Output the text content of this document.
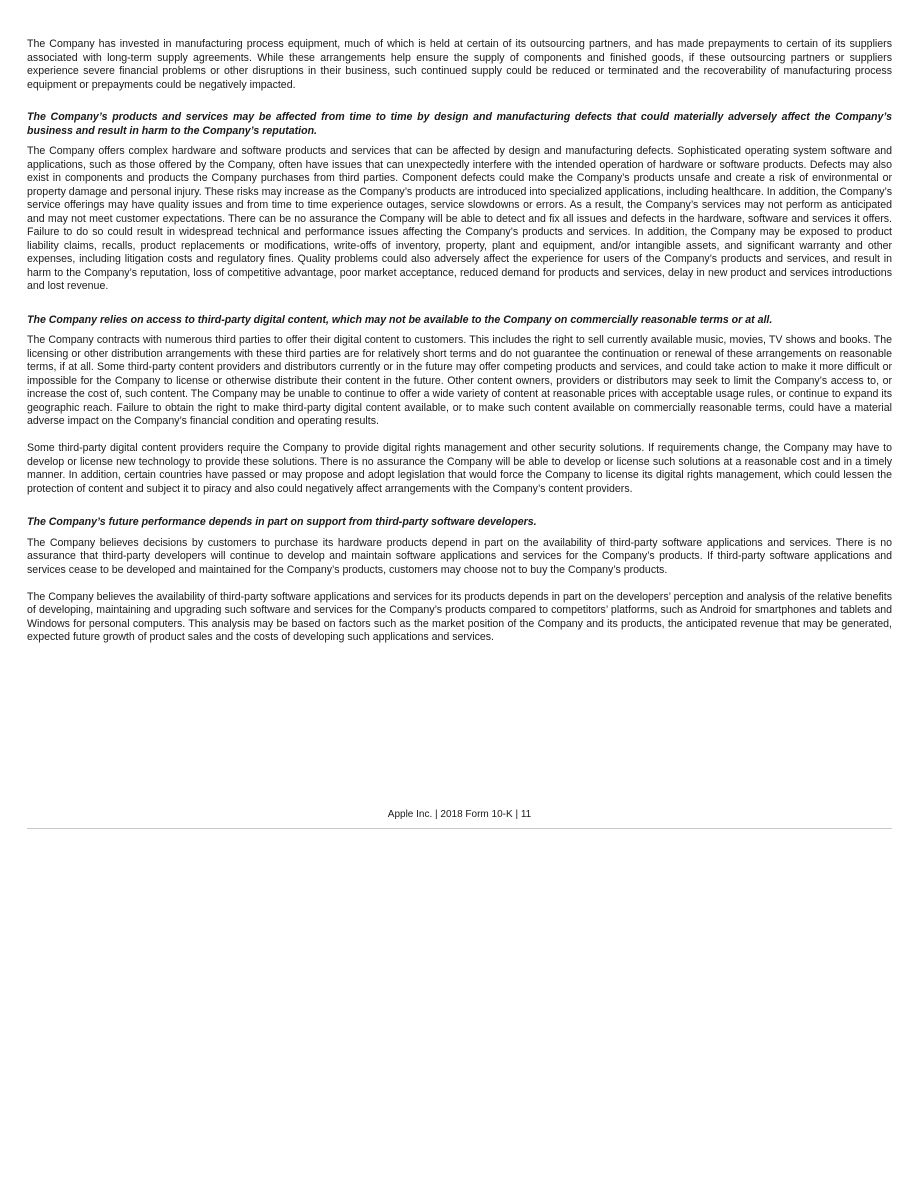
The Company has invested in manufacturing process equipment, much of which is held at certain of its outsourcing partners, and has made prepayments to certain of its suppliers associated with long-term supply agreements. While these arrangements help ensure the supply of components and finished goods, if these outsourcing partners or suppliers experience severe financial problems or other disruptions in their business, such continued supply could be reduced or terminated and the recoverability of manufacturing process equipment or prepayments could be negatively impacted.

The Company’s products and services may be affected from time to time by design and manufacturing defects that could materially adversely affect the Company’s business and result in harm to the Company’s reputation.

The Company offers complex hardware and software products and services that can be affected by design and manufacturing defects. Sophisticated operating system software and applications, such as those offered by the Company, often have issues that can unexpectedly interfere with the intended operation of hardware or software products. Defects may also exist in components and products the Company purchases from third parties. Component defects could make the Company’s products unsafe and create a risk of environmental or property damage and personal injury. These risks may increase as the Company’s products are introduced into specialized applications, including healthcare. In addition, the Company’s service offerings may have quality issues and from time to time experience outages, service slowdowns or errors. As a result, the Company’s services may not perform as anticipated and may not meet customer expectations. There can be no assurance the Company will be able to detect and fix all issues and defects in the hardware, software and services it offers. Failure to do so could result in widespread technical and performance issues affecting the Company’s products and services. In addition, the Company may be exposed to product liability claims, recalls, product replacements or modifications, write-offs of inventory, property, plant and equipment, and/or intangible assets, and significant warranty and other expenses, including litigation costs and regulatory fines. Quality problems could also adversely affect the experience for users of the Company’s products and services, and result in harm to the Company’s reputation, loss of competitive advantage, poor market acceptance, reduced demand for products and services, delay in new product and services introductions and lost revenue.

The Company relies on access to third-party digital content, which may not be available to the Company on commercially reasonable terms or at all.

The Company contracts with numerous third parties to offer their digital content to customers. This includes the right to sell currently available music, movies, TV shows and books. The licensing or other distribution arrangements with these third parties are for relatively short terms and do not guarantee the continuation or renewal of these arrangements on reasonable terms, if at all. Some third-party content providers and distributors currently or in the future may offer competing products and services, and could take action to make it more difficult or impossible for the Company to license or otherwise distribute their content in the future. Other content owners, providers or distributors may seek to limit the Company’s access to, or increase the cost of, such content. The Company may be unable to continue to offer a wide variety of content at reasonable prices with acceptable usage rules, or continue to expand its geographic reach. Failure to obtain the right to make third-party digital content available, or to make such content available on commercially reasonable terms, could have a material adverse impact on the Company’s financial condition and operating results.

Some third-party digital content providers require the Company to provide digital rights management and other security solutions. If requirements change, the Company may have to develop or license new technology to provide these solutions. There is no assurance the Company will be able to develop or license such solutions at a reasonable cost and in a timely manner. In addition, certain countries have passed or may propose and adopt legislation that would force the Company to license its digital rights management, which could lessen the protection of content and subject it to piracy and also could negatively affect arrangements with the Company’s content providers.

The Company’s future performance depends in part on support from third-party software developers.

The Company believes decisions by customers to purchase its hardware products depend in part on the availability of third-party software applications and services. There is no assurance that third-party developers will continue to develop and maintain software applications and services for the Company’s products. If third-party software applications and services cease to be developed and maintained for the Company’s products, customers may choose not to buy the Company’s products.

The Company believes the availability of third-party software applications and services for its products depends in part on the developers’ perception and analysis of the relative benefits of developing, maintaining and upgrading such software and services for the Company’s products compared to competitors’ platforms, such as Android for smartphones and tablets and Windows for personal computers. This analysis may be based on factors such as the market position of the Company and its products, the anticipated revenue that may be generated, expected future growth of product sales and the costs of developing such applications and services.

Apple Inc. | 2018 Form 10-K | 11
